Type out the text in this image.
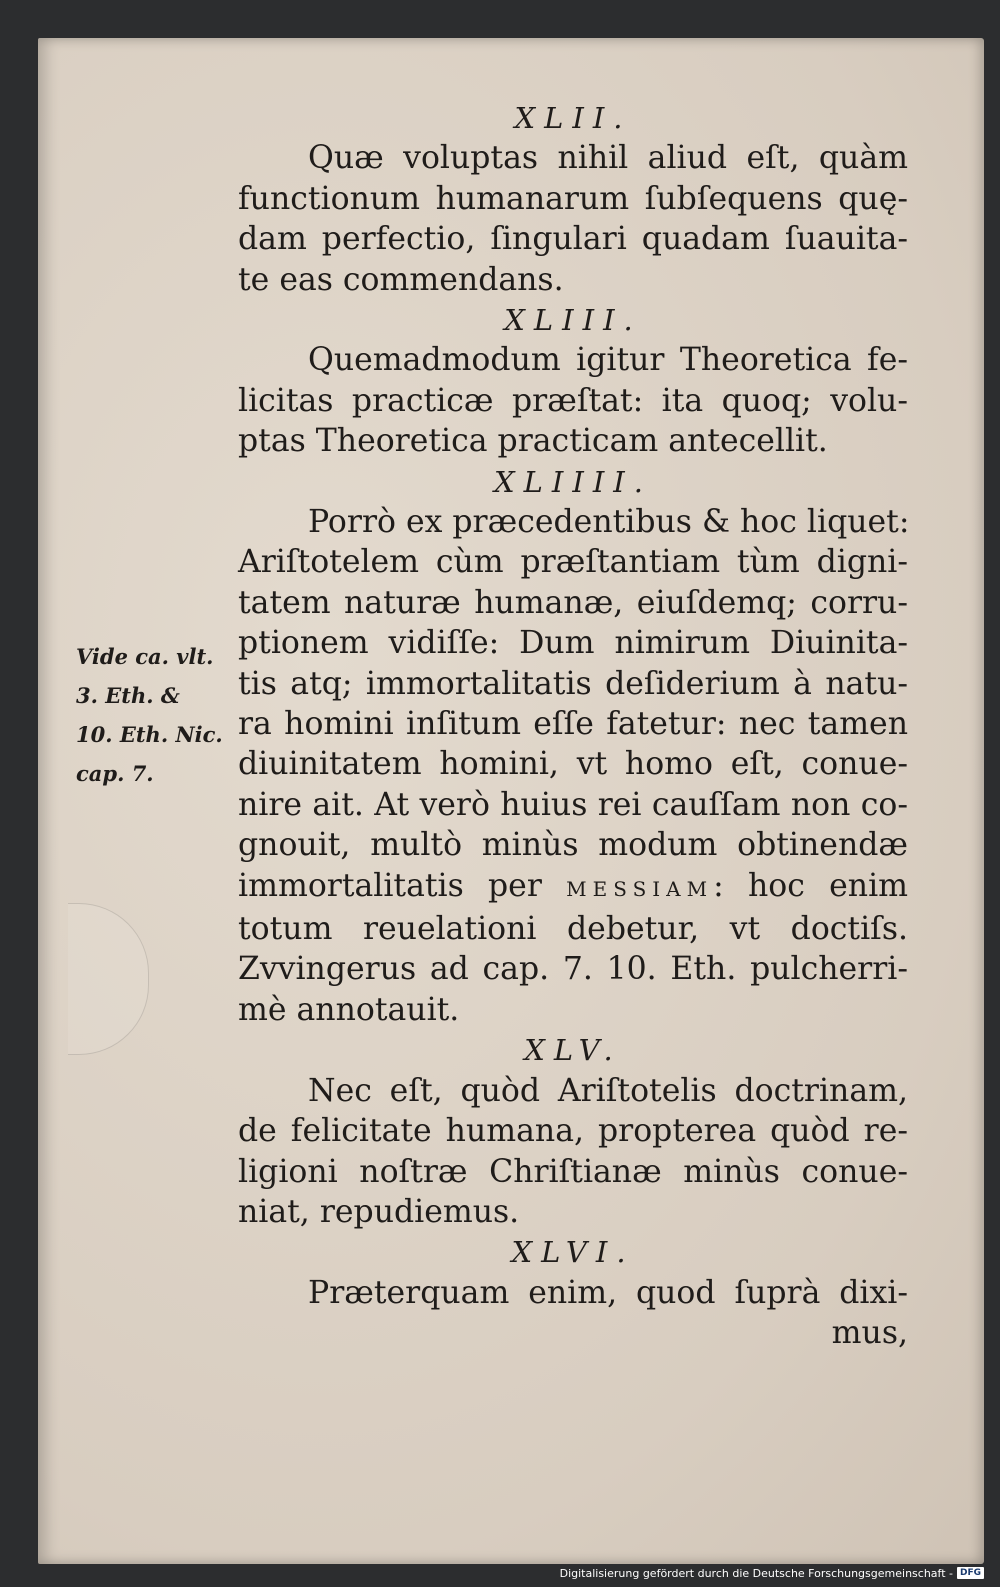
Vide ca. vlt.
3. Eth. &
10. Eth. Nic.
cap. 7.
XLII.
Quæ voluptas nihil aliud eſt, quàm
functionum humanarum ſubſequens quę-
dam perfectio, ſingulari quadam ſuauita-
te eas commendans.
XLIII.
Quemadmodum igitur Theoretica fe-
licitas practicæ præſtat: ita quoq; volu-
ptas Theoretica practicam antecellit.
XLIIII.
Porrò ex præcedentibus & hoc liquet:
Ariſtotelem cùm præſtantiam tùm digni-
tatem naturæ humanæ, eiuſdemq; corru-
ptionem vidiſſe: Dum nimirum Diuinita-
tis atq; immortalitatis deſiderium à natu-
ra homini inſitum eſſe fatetur: nec tamen
diuinitatem homini, vt homo eſt, conue-
nire ait. At verò huius rei cauſſam non co-
gnouit, multò minùs modum obtinendæ
immortalitatis per MESSIAM: hoc enim
totum reuelationi debetur, vt doctiſs.
Zvvingerus ad cap. 7. 10. Eth. pulcherri-
mè annotauit.
XLV.
Nec eſt, quòd Ariſtotelis doctrinam,
de felicitate humana, propterea quòd re-
ligioni noſtræ Chriſtianæ minùs conue-
niat, repudiemus.
XLVI.
Præterquam enim, quod ſuprà dixi-
mus,
Digitalisierung gefördert durch die Deutsche Forschungsgemeinschaft - DFG
